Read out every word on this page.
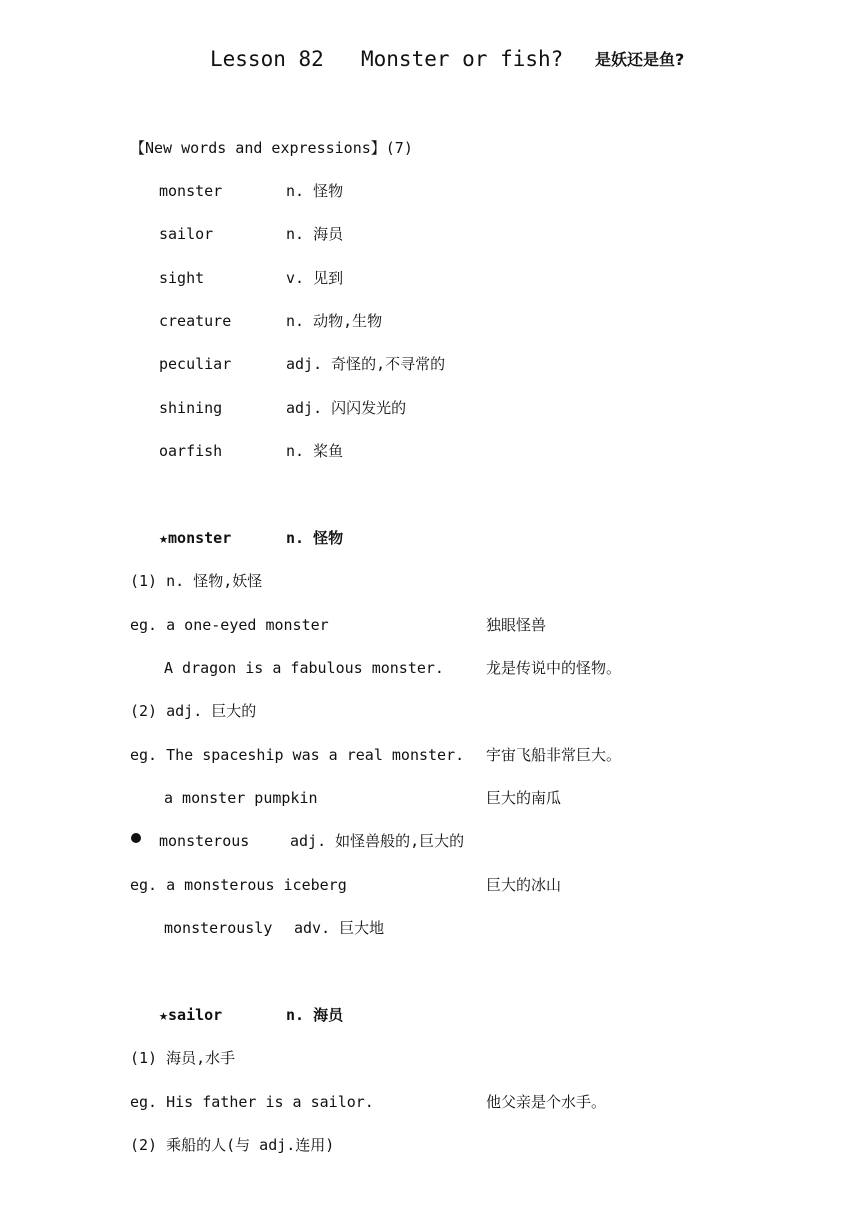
Lesson 82 Monster or fish? 是妖还是鱼?
【New words and expressions】(7)
monster	n. 怪物
sailor	n. 海员
sight	v. 见到
creature	n. 动物,生物
peculiar	adj. 奇怪的,不寻常的
shining	adj. 闪闪发光的
oarfish	n. 桨鱼
★monster	n. 怪物
(1) n. 怪物,妖怪
eg. a one-eyed monster	独眼怪兽
A dragon is a fabulous monster.	龙是传说中的怪物。
(2) adj. 巨大的
eg. The spaceship was a real monster. 宇宙飞船非常巨大。
a monster pumpkin	巨大的南瓜
monsterous	adj. 如怪兽般的,巨大的
eg. a monsterous iceberg	巨大的冰山
monsterously adv. 巨大地
★sailor	n. 海员
(1) 海员,水手
eg. His father is a sailor.	他父亲是个水手。
(2) 乘船的人(与 adj.连用)
